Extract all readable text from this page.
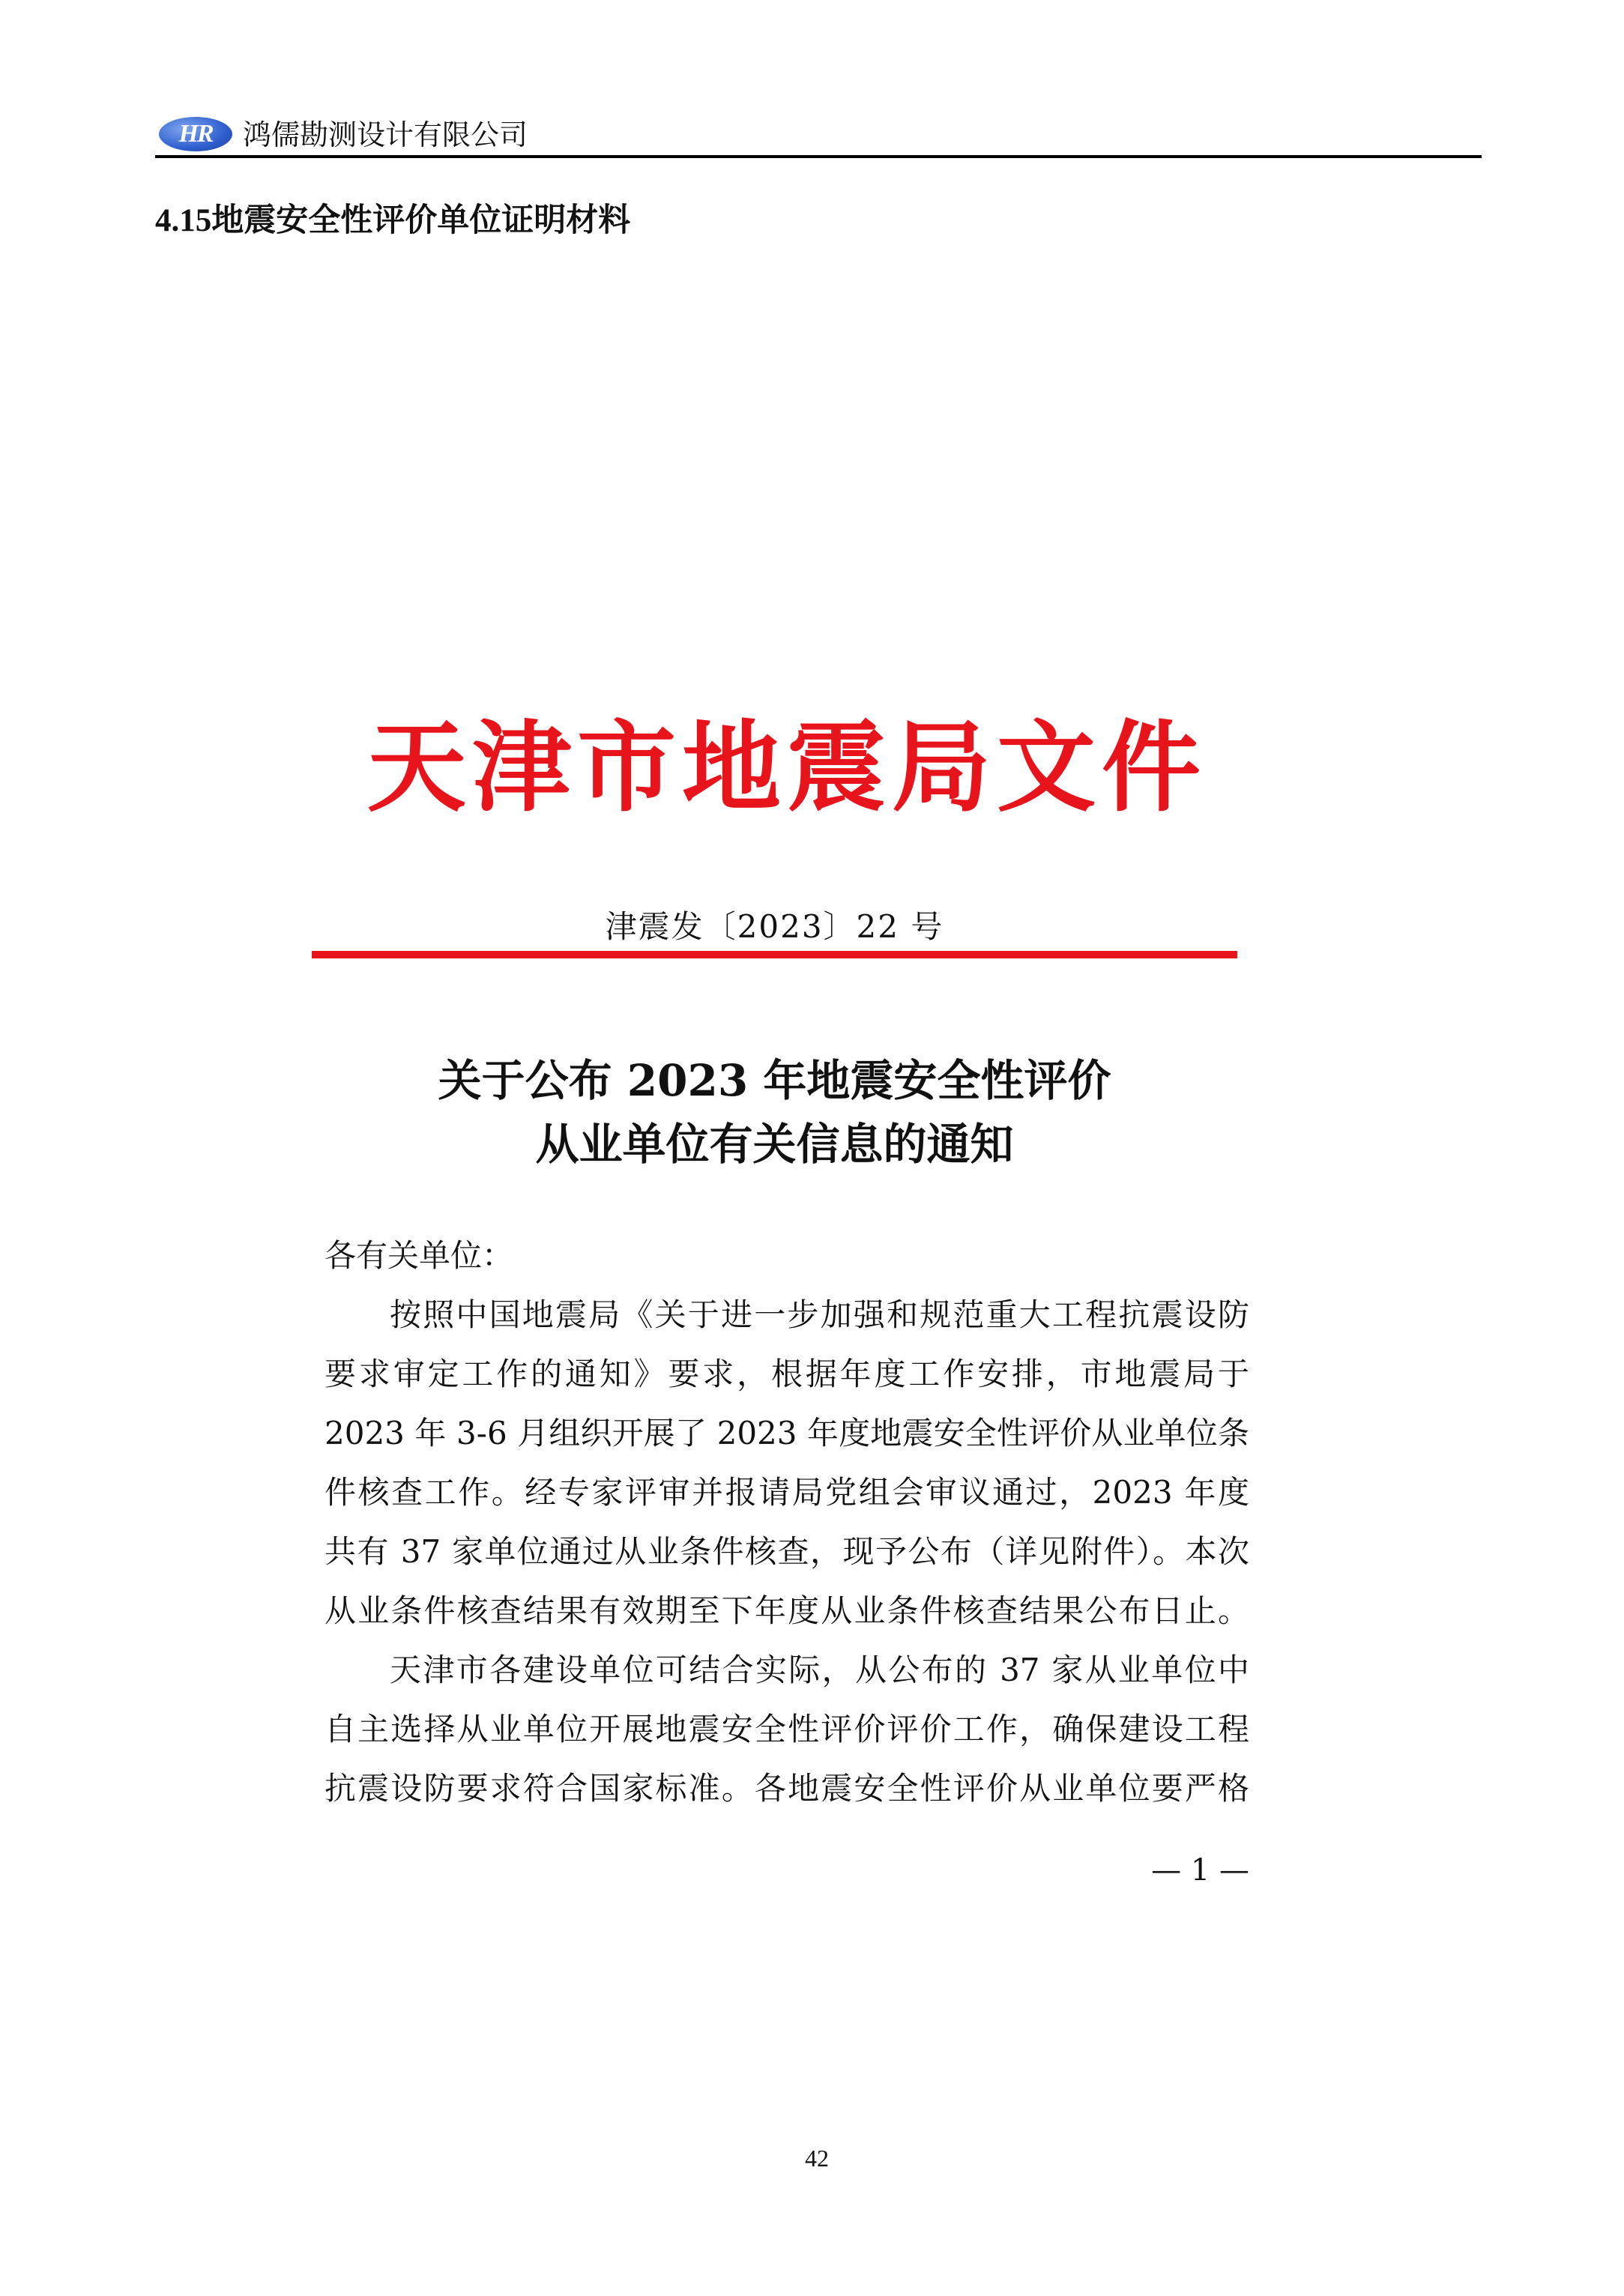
HR	鸿儒勘测设计有限公司
4.15地震安全性评价单位证明材料
天津市地震局文件
津震发〔2023〕22 号
关于公布 2023 年地震安全性评价
从业单位有关信息的通知
各有关单位：
按照中国地震局《关于进一步加强和规范重大工程抗震设防
要求审定工作的通知》要求，根据年度工作安排，市地震局于
2023 年 3-6 月组织开展了 2023 年度地震安全性评价从业单位条
件核查工作。经专家评审并报请局党组会审议通过，2023 年度
共有 37 家单位通过从业条件核查，现予公布（详见附件）。本次
从业条件核查结果有效期至下年度从业条件核查结果公布日止。
天津市各建设单位可结合实际，从公布的 37 家从业单位中
自主选择从业单位开展地震安全性评价评价工作，确保建设工程
抗震设防要求符合国家标准。各地震安全性评价从业单位要严格
— 1 —
42
